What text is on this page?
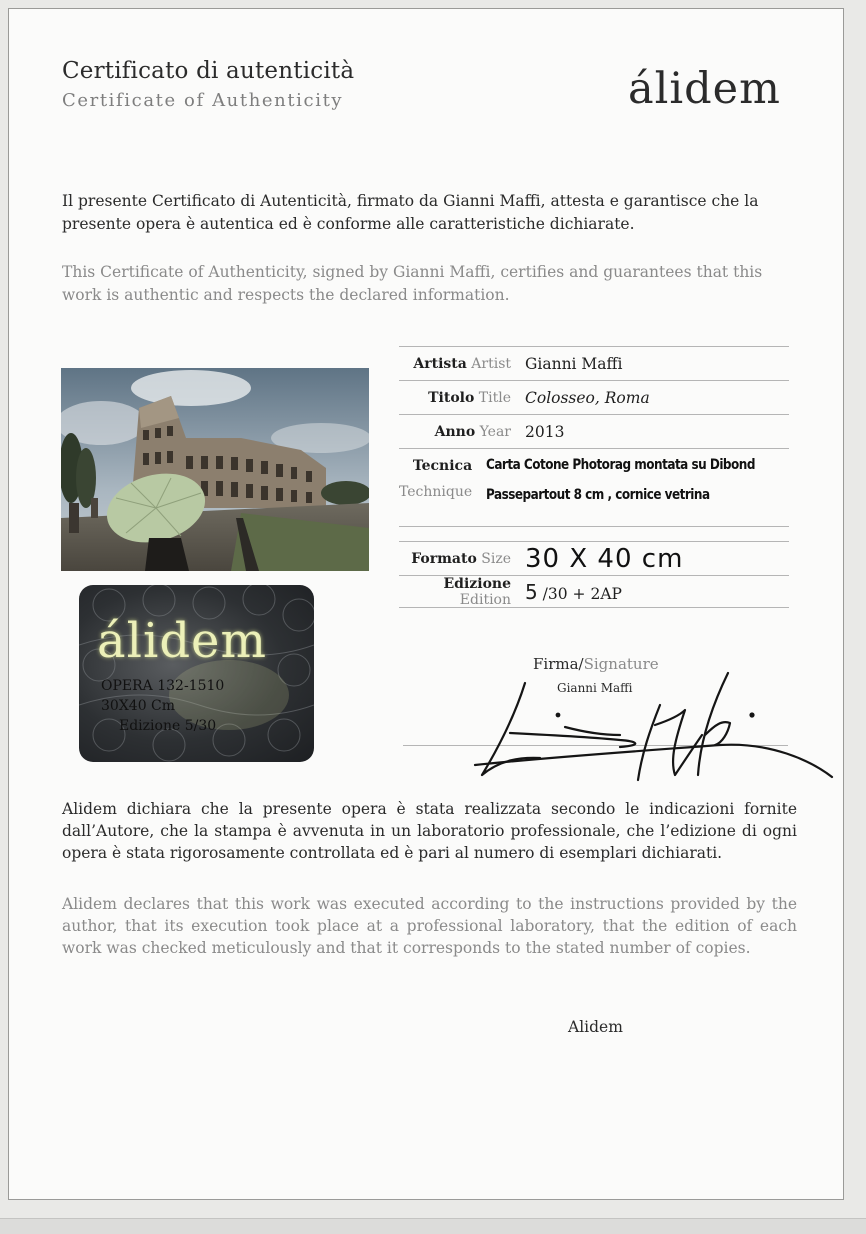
Certificato di autenticità
Certificate of Authenticity	álidem
Il presente Certificato di Autenticità, firmato da Gianni Maffi, attesta e garantisce che la presente opera è autentica ed è conforme alle caratteristiche dichiarate.
This Certificate of Authenticity, signed by Gianni Maffi, certifies and guarantees that this work is authentic and respects the declared information.
álidem
OPERA 132-1510
30X40 Cm
Edizione 5/30
Artista Artist Gianni Maffi
Titolo Title Colosseo, Roma
Anno Year 2013
Tecnica
Technique
Carta Cotone Photorag montata su Dibond
Passepartout 8 cm , cornice vetrina
Formato Size 30 X 40 cm
Edizione Edition 5 /30 + 2AP
Firma/Signature
Gianni Maffi
Alidem dichiara che la presente opera è stata realizzata secondo le indicazioni fornite dall’Autore, che la stampa è avvenuta in un laboratorio professionale, che l’edizione di ogni opera è stata rigorosamente controllata ed è pari al numero di esemplari dichiarati.
Alidem declares that this work was executed according to the instructions provided by the author, that its execution took place at a professional laboratory, that the edition of each work was checked meticulously and that it corresponds to the stated number of copies.
Alidem
